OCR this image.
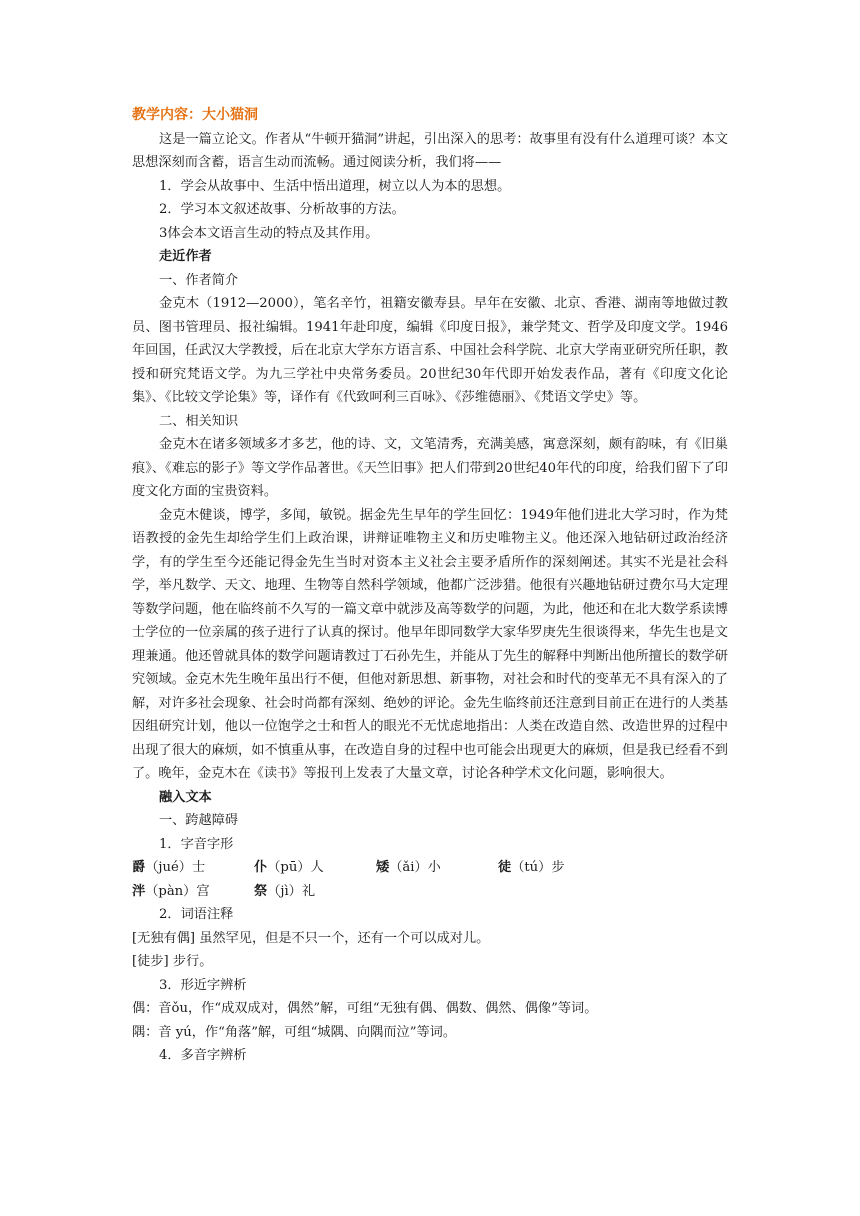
教学内容：大小猫洞

这是一篇立论文。作者从“牛顿开猫洞”讲起，引出深入的思考：故事里有没有什么道理可谈？本文思想深刻而含蓄，语言生动而流畅。通过阅读分析，我们将——

1．学会从故事中、生活中悟出道理，树立以人为本的思想。

2．学习本文叙述故事、分析故事的方法。

3体会本文语言生动的特点及其作用。

走近作者

一、作者简介

金克木（1912—2000），笔名辛竹，祖籍安徽寿县。早年在安徽、北京、香港、湖南等地做过教员、图书管理员、报社编辑。1941年赴印度，编辑《印度日报》，兼学梵文、哲学及印度文学。1946年回国，任武汉大学教授，后在北京大学东方语言系、中国社会科学院、北京大学南亚研究所任职，教授和研究梵语文学。为九三学社中央常务委员。20世纪30年代即开始发表作品，著有《印度文化论集》、《比较文学论集》等，译作有《代致呵利三百咏》、《莎维德丽》、《梵语文学史》等。

二、相关知识

金克木在诸多领域多才多艺，他的诗、文，文笔清秀，充满美感，寓意深刻，颇有韵味，有《旧巢痕》、《难忘的影子》等文学作品著世。《天竺旧事》把人们带到20世纪40年代的印度，给我们留下了印度文化方面的宝贵资料。

金克木健谈，博学，多闻，敏锐。据金先生早年的学生回忆：1949年他们进北大学习时，作为梵语教授的金先生却给学生们上政治课，讲辩证唯物主义和历史唯物主义。他还深入地钻研过政治经济学，有的学生至今还能记得金先生当时对资本主义社会主要矛盾所作的深刻阐述。其实不光是社会科学，举凡数学、天文、地理、生物等自然科学领域，他都广泛涉猎。他很有兴趣地钻研过费尔马大定理等数学问题，他在临终前不久写的一篇文章中就涉及高等数学的问题，为此，他还和在北大数学系读博士学位的一位亲属的孩子进行了认真的探讨。他早年即同数学大家华罗庚先生很谈得来，华先生也是文理兼通。他还曾就具体的数学问题请教过丁石孙先生，并能从丁先生的解释中判断出他所擅长的数学研究领域。金克木先生晚年虽出行不便，但他对新思想、新事物，对社会和时代的变革无不具有深入的了解，对许多社会现象、社会时尚都有深刻、绝妙的评论。金先生临终前还注意到目前正在进行的人类基因组研究计划，他以一位饱学之士和哲人的眼光不无忧虑地指出：人类在改造自然、改造世界的过程中出现了很大的麻烦，如不慎重从事，在改造自身的过程中也可能会出现更大的麻烦，但是我已经看不到了。晚年，金克木在《读书》等报刊上发表了大量文章，讨论各种学术文化问题，影响很大。

融入文本

一、跨越障碍

1．字音字形

爵（jué）士	仆（pū）人	矮（ǎi）小	徒（tú）步
泮（pàn）宫	祭（jì）礼

2．词语注释

[无独有偶] 虽然罕见，但是不只一个，还有一个可以成对儿。

[徒步] 步行。

3．形近字辨析

偶：音ǒu，作“成双成对，偶然”解，可组“无独有偶、偶数、偶然、偶像”等词。

隅：音 yú，作“角落”解，可组“城隅、向隅而泣”等词。

4．多音字辨析
